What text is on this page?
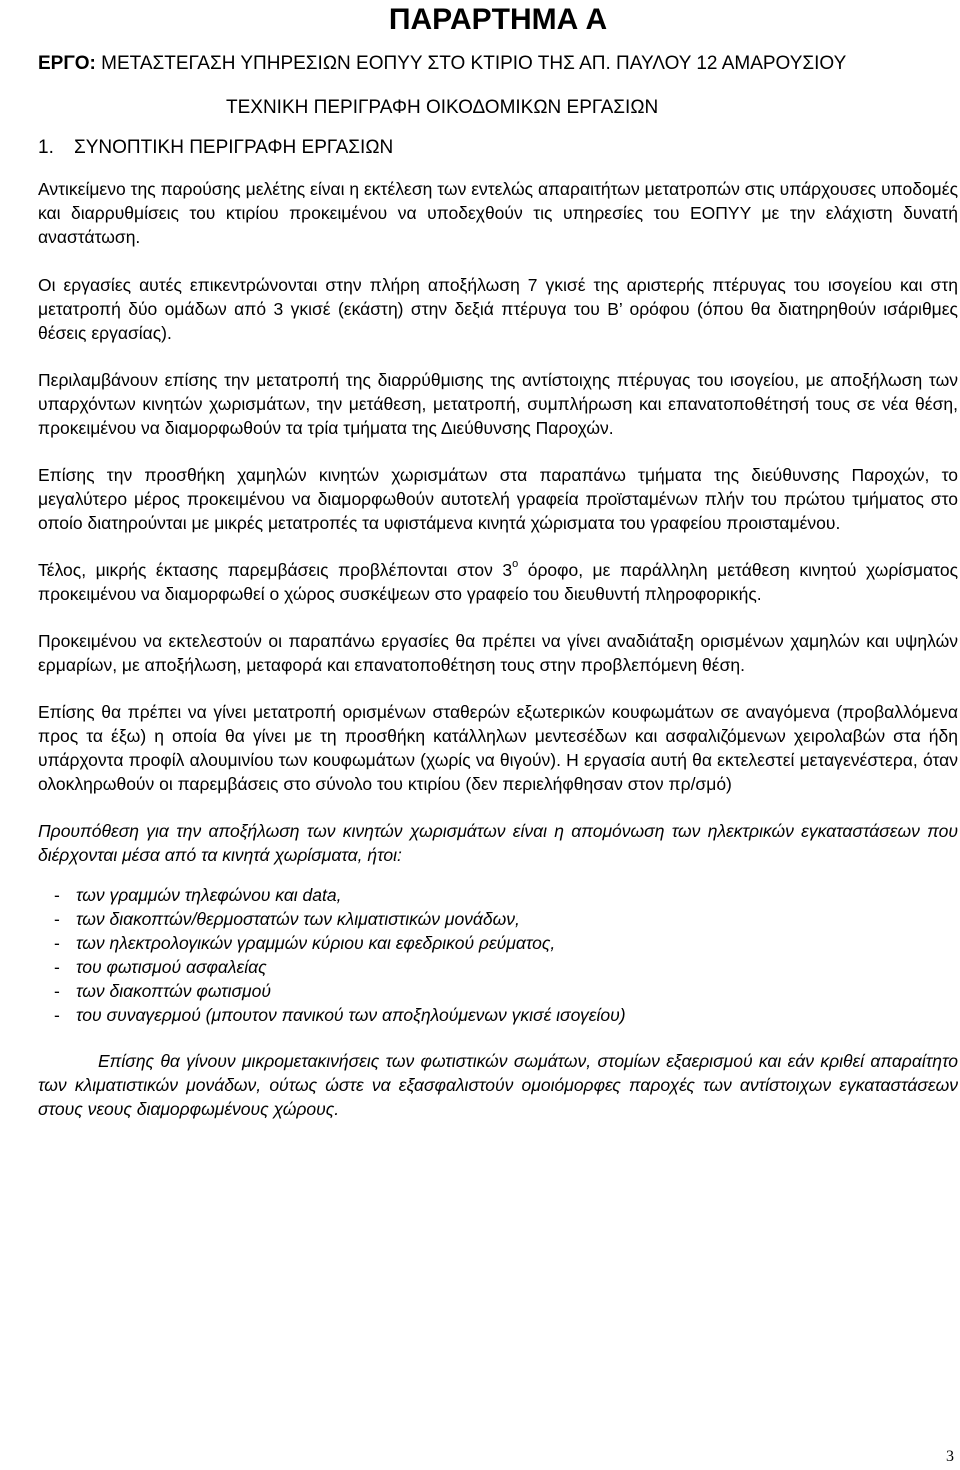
ΠΑΡΑΡΤΗΜΑ Α
ΕΡΓΟ: ΜΕΤΑΣΤΕΓΑΣΗ ΥΠΗΡΕΣΙΩΝ ΕΟΠΥΥ ΣΤΟ ΚΤΙΡΙΟ ΤΗΣ ΑΠ. ΠΑΥΛΟΥ 12 ΑΜΑΡΟΥΣΙΟΥ
ΤΕΧΝΙΚΗ ΠΕΡΙΓΡΑΦΗ ΟΙΚΟΔΟΜΙΚΩΝ ΕΡΓΑΣΙΩΝ
1. ΣΥΝΟΠΤΙΚΗ ΠΕΡΙΓΡΑΦΗ ΕΡΓΑΣΙΩΝ

Αντικείμενο της παρούσης μελέτης είναι η εκτέλεση των εντελώς απαραιτήτων μετατροπών στις υπάρχουσες υποδομές και διαρρυθμίσεις του κτιρίου προκειμένου να υποδεχθούν τις υπηρεσίες του ΕΟΠΥΥ με την ελάχιστη δυνατή αναστάτωση.

Οι εργασίες αυτές επικεντρώνονται στην πλήρη αποξήλωση 7 γκισέ της αριστερής πτέρυγας του ισογείου και στη μετατροπή δύο ομάδων από 3 γκισέ (εκάστη) στην δεξιά πτέρυγα του Β’ ορόφου (όπου θα διατηρηθούν ισάριθμες θέσεις εργασίας).

Περιλαμβάνουν επίσης την μετατροπή της διαρρύθμισης της αντίστοιχης πτέρυγας του ισογείου, με αποξήλωση των υπαρχόντων κινητών χωρισμάτων, την μετάθεση, μετατροπή, συμπλήρωση και επανατοποθέτησή τους σε νέα θέση, προκειμένου να διαμορφωθούν τα τρία τμήματα της Διεύθυνσης Παροχών.

Επίσης την προσθήκη χαμηλών κινητών χωρισμάτων στα παραπάνω τμήματα της διεύθυνσης Παροχών, το μεγαλύτερο μέρος προκειμένου να διαμορφωθούν αυτοτελή γραφεία προϊσταμένων πλήν του πρώτου τμήματος στο οποίο διατηρούνται με μικρές μετατροπές τα υφιστάμενα κινητά χώρισματα του γραφείου προισταμένου.

Τέλος, μικρής έκτασης παρεμβάσεις προβλέπονται στον $3^o$ όροφο, με παράλληλη μετάθεση κινητού χωρίσματος προκειμένου να διαμορφωθεί ο χώρος συσκέψεων στο γραφείο του διευθυντή πληροφορικής.

Προκειμένου να εκτελεστούν οι παραπάνω εργασίες θα πρέπει να γίνει αναδιάταξη ορισμένων χαμηλών και υψηλών ερμαρίων, με αποξήλωση, μεταφορά και επανατοποθέτηση τους στην προβλεπόμενη θέση.

Επίσης θα πρέπει να γίνει μετατροπή ορισμένων σταθερών εξωτερικών κουφωμάτων σε αναγόμενα (προβαλλόμενα προς τα έξω) η οποία θα γίνει με τη προσθήκη κατάλληλων μεντεσέδων και ασφαλιζόμενων χειρολαβών στα ήδη υπάρχοντα προφίλ αλουμινίου των κουφωμάτων (χωρίς να θιγούν). Η εργασία αυτή θα εκτελεστεί μεταγενέστερα, όταν ολοκληρωθούν οι παρεμβάσεις στο σύνολο του κτιρίου (δεν περιελήφθησαν στον πρ/σμό)

Προυπόθεση για την αποξήλωση των κινητών χωρισμάτων είναι η απομόνωση των ηλεκτρικών εγκαταστάσεων που διέρχονται μέσα από τα κινητά χωρίσματα, ήτοι:

- των γραμμών τηλεφώνου και data,
- των διακοπτών/θερμοστατών των κλιματιστικών μονάδων,
- των ηλεκτρολογικών γραμμών κύριου και εφεδρικού ρεύματος,
- του φωτισμού ασφαλείας
- των διακοπτών φωτισμού
- του συναγερμού (μπουτον πανικού των αποξηλούμενων γκισέ ισογείου)

Επίσης θα γίνουν μικρομετακινήσεις των φωτιστικών σωμάτων, στομίων εξαερισμού και εάν κριθεί απαραίτητο των κλιματιστικών μονάδων, ούτως ώστε να εξασφαλιστούν ομοιόμορφες παροχές των αντίστοιχων εγκαταστάσεων στους νεους διαμορφωμένους χώρους.

3
